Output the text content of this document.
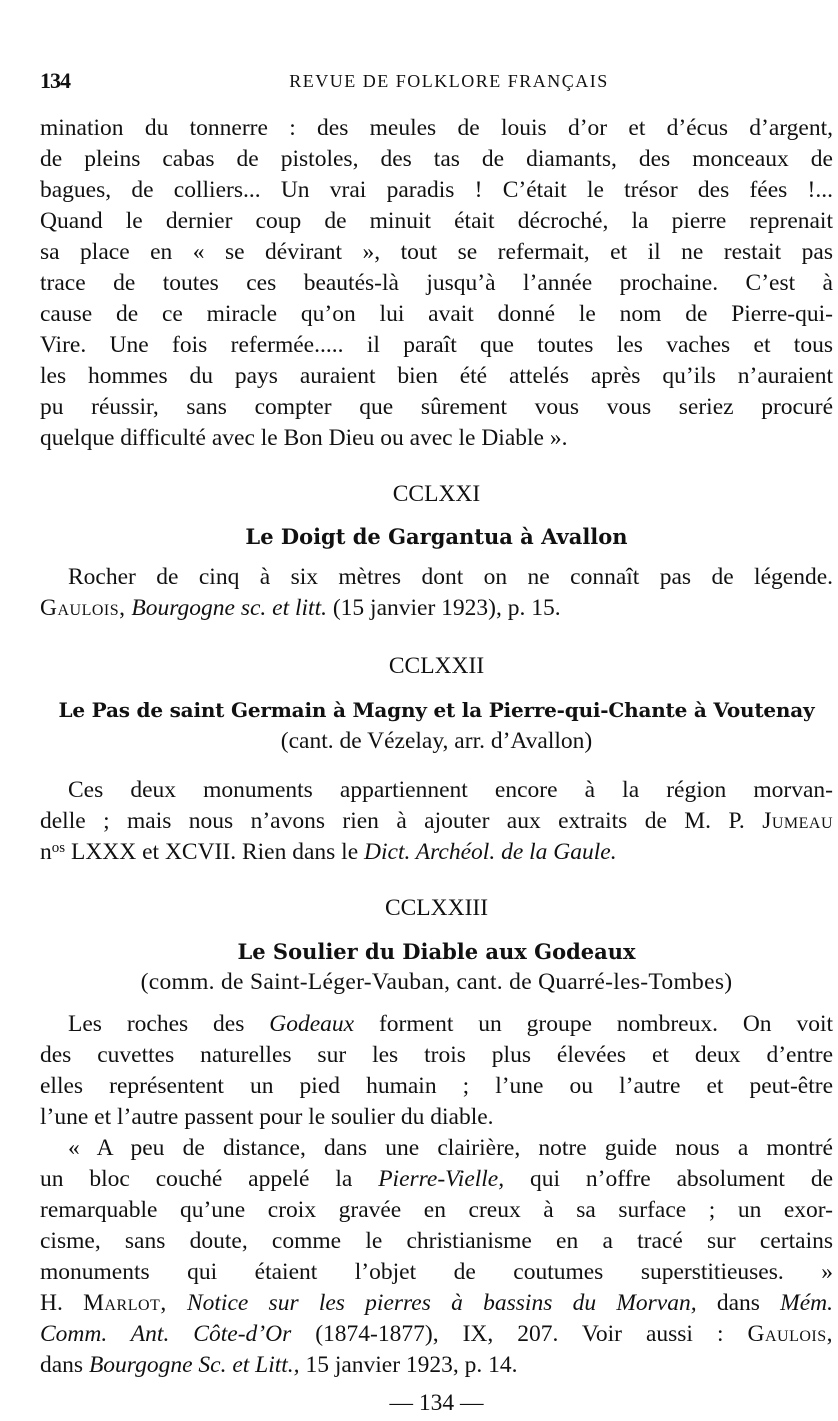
134	REVUE DE FOLKLORE FRANÇAIS
mination du tonnerre : des meules de louis d’or et d’écus d’argent,
de pleins cabas de pistoles, des tas de diamants, des monceaux de
bagues, de colliers... Un vrai paradis ! C’était le trésor des fées !...
Quand le dernier coup de minuit était décroché, la pierre reprenait
sa place en « se dévirant », tout se refermait, et il ne restait pas
trace de toutes ces beautés-là jusqu’à l’année prochaine. C’est à
cause de ce miracle qu’on lui avait donné le nom de Pierre-qui-
Vire. Une fois refermée..... il paraît que toutes les vaches et tous
les hommes du pays auraient bien été attelés après qu’ils n’auraient
pu réussir, sans compter que sûrement vous vous seriez procuré
quelque difficulté avec le Bon Dieu ou avec le Diable ».
CCLXXI
Le Doigt de Gargantua à Avallon
Rocher de cinq à six mètres dont on ne connaît pas de légende.
Gaulois, Bourgogne sc. et litt. (15 janvier 1923), p. 15.
CCLXXII
Le Pas de saint Germain à Magny et la Pierre-qui-Chante à Voutenay
(cant. de Vézelay, arr. d’Avallon)
Ces deux monuments appartiennent encore à la région morvan-
delle ; mais nous n’avons rien à ajouter aux extraits de M. P. Jumeau
$n^{os}$ LXXX et XCVII. Rien dans le Dict. Archéol. de la Gaule.
CCLXXIII
Le Soulier du Diable aux Godeaux
(comm. de Saint-Léger-Vauban, cant. de Quarré-les-Tombes)
Les roches des Godeaux forment un groupe nombreux. On voit
des cuvettes naturelles sur les trois plus élevées et deux d’entre
elles représentent un pied humain ; l’une ou l’autre et peut-être
l’une et l’autre passent pour le soulier du diable.
« A peu de distance, dans une clairière, notre guide nous a montré
un bloc couché appelé la Pierre-Vielle, qui n’offre absolument de
remarquable qu’une croix gravée en creux à sa surface ; un exor-
cisme, sans doute, comme le christianisme en a tracé sur certains
monuments qui étaient l’objet de coutumes superstitieuses. »
H. Marlot, Notice sur les pierres à bassins du Morvan, dans Mém.
Comm. Ant. Côte-d’Or (1874-1877), IX, 207. Voir aussi : Gaulois,
dans Bourgogne Sc. et Litt., 15 janvier 1923, p. 14.
— 134 —
